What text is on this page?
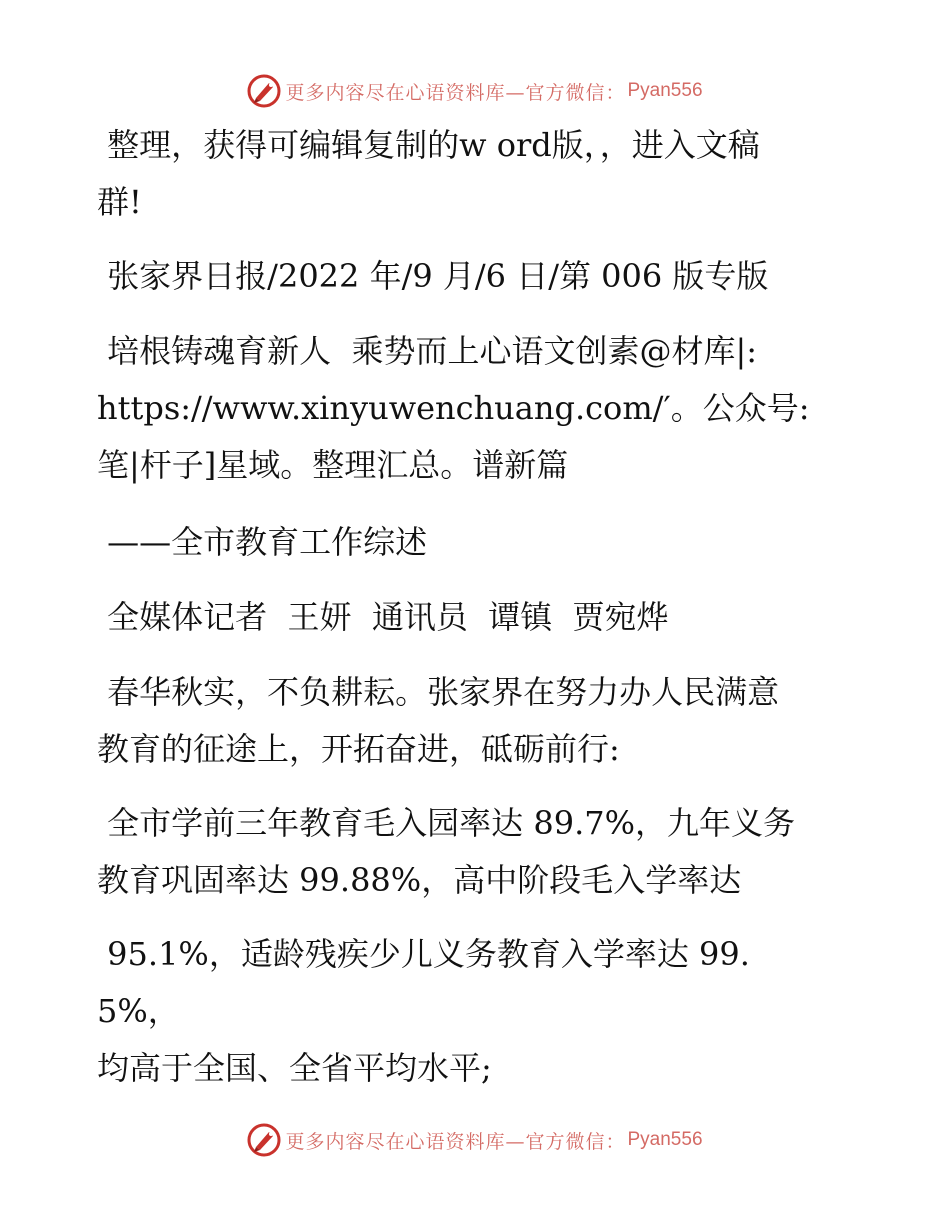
更多内容尽在心语资料库—官方微信： Pyan556
整理，获得可编辑复制的w ord版，，进入文稿
群!
张家界日报/2022 年/9 月/6 日/第 006 版专版
培根铸魂育新人  乘势而上心语文创素@材库|:
https://www.xinyuwenchuang.com/′。公众号:
笔|杆子]星域。整理汇总。谱新篇
——全市教育工作综述
全媒体记者  王妍  通讯员  谭镇  贾宛烨
春华秋实，不负耕耘。张家界在努力办人民满意
教育的征途上，开拓奋进，砥砺前行:
全市学前三年教育毛入园率达 89.7%，九年义务
教育巩固率达 99.88%，高中阶段毛入学率达
95.1%，适龄残疾少儿义务教育入学率达 99.5%，
均高于全国、全省平均水平;
更多内容尽在心语资料库—官方微信： Pyan556
